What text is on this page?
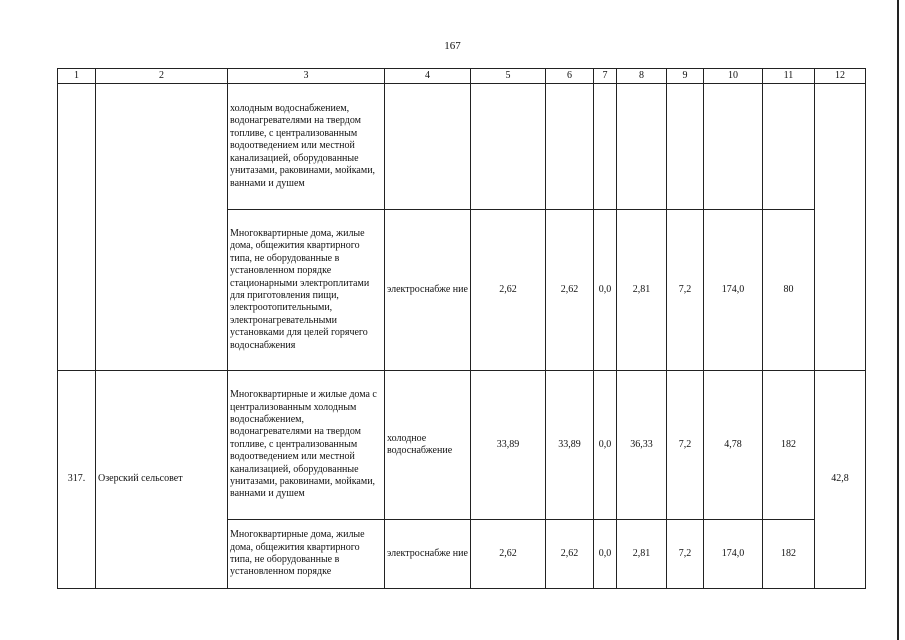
167
1	2	3	4	5	6	7	8	9	10	11	12
		холодным водоснабжением, водонагревателями на твердом топливе, с централизованным водоотведением или местной канализацией, оборудованные унитазами, раковинами, мойками, ваннами и душем									
		Многоквартирные дома, жилые дома, общежития квартирного типа, не оборудованные в установленном порядке стационарными электроплитами для приготовления пищи, электроотопительными, электронагревательными установками для целей горячего водоснабжения	электроснабже ние	2,62	2,62	0,0	2,81	7,2	174,0	80	
317.	Озерский сельсовет	Многоквартирные и жилые дома с централизованным холодным водоснабжением, водонагревателями на твердом топливе, с централизованным водоотведением или местной канализацией, оборудованные унитазами, раковинами, мойками, ваннами и душем	холодное водоснабжение	33,89	33,89	0,0	36,33	7,2	4,78	182	42,8
		Многоквартирные дома, жилые дома, общежития квартирного типа, не оборудованные в установленном порядке	электроснабже ние	2,62	2,62	0,0	2,81	7,2	174,0	182	
